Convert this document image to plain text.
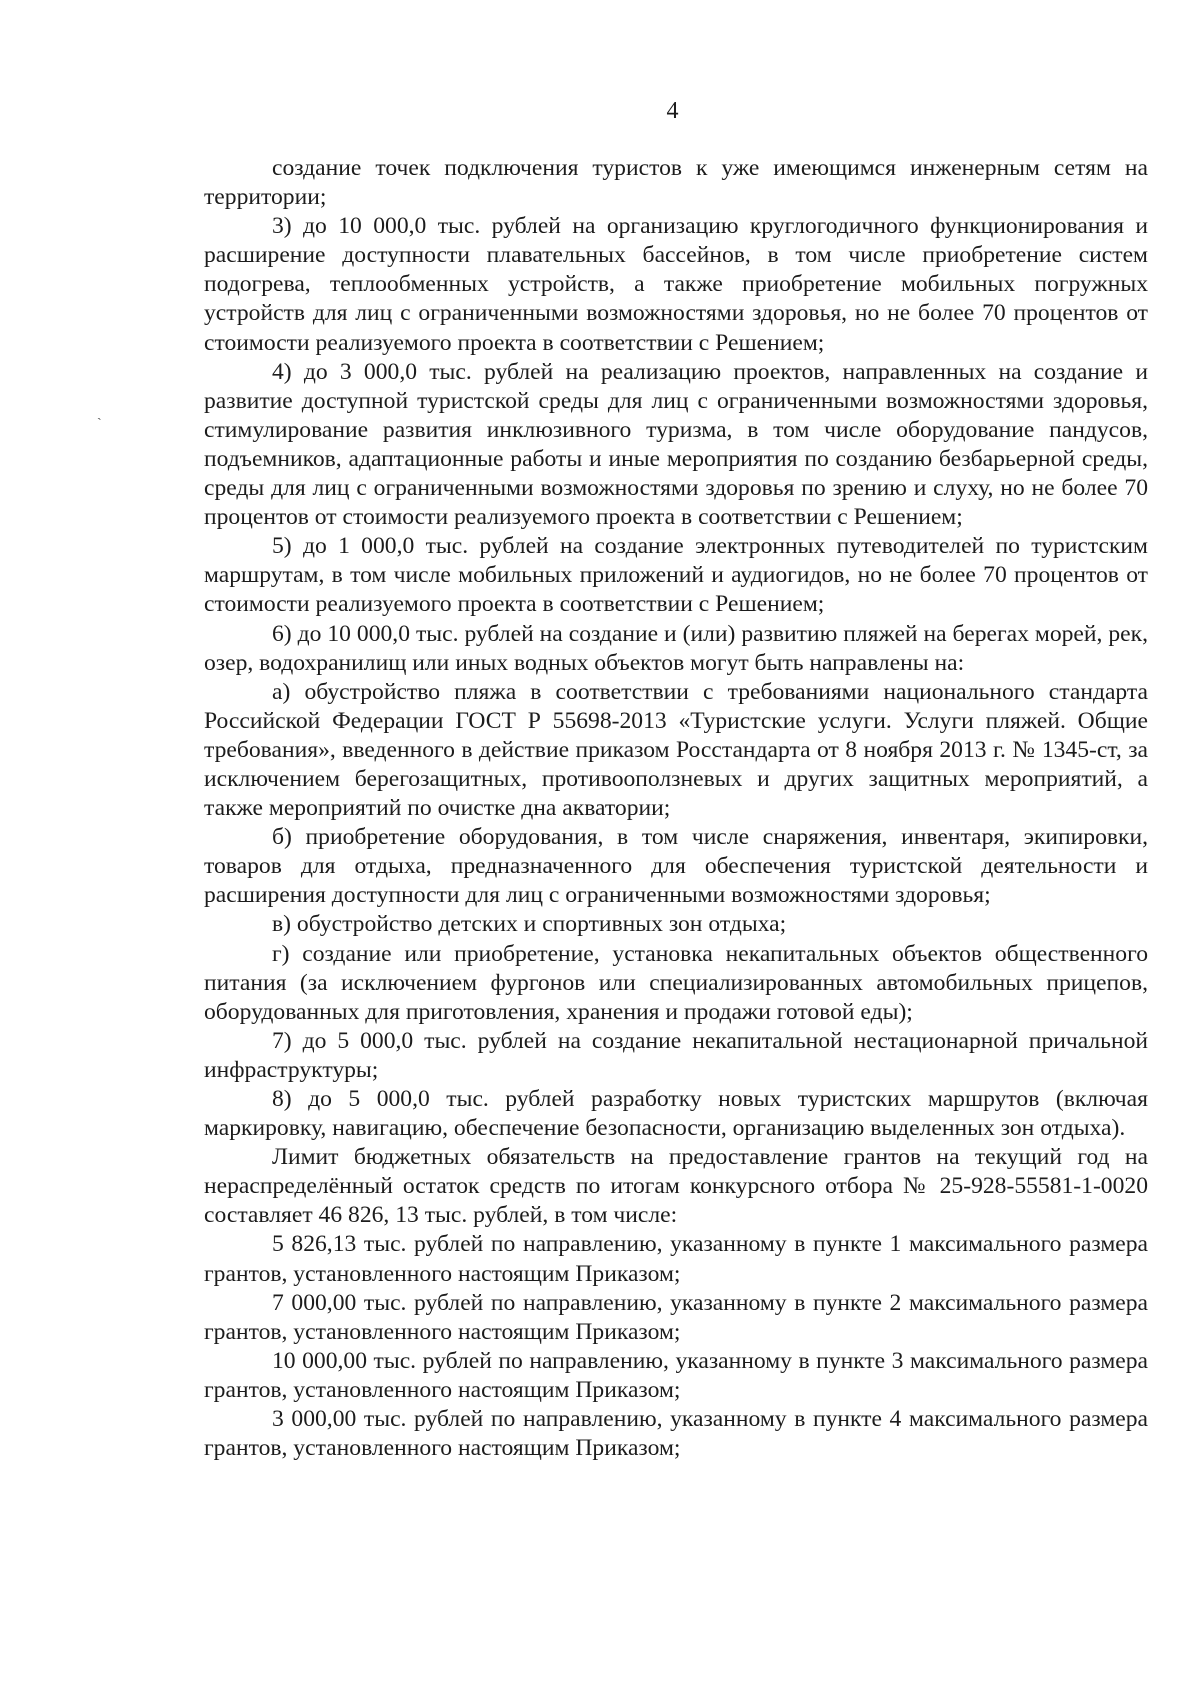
4
ˎ

создание точек подключения туристов к уже имеющимся инженерным сетям на территории;

3) до 10 000,0 тыс. рублей на организацию круглогодичного функционирования и расширение доступности плавательных бассейнов, в том числе приобретение систем подогрева, теплообменных устройств, а также приобретение мобильных погружных устройств для лиц с ограниченными возможностями здоровья, но не более 70 процентов от стоимости реализуемого проекта в соответствии с Решением;

4) до 3 000,0 тыс. рублей на реализацию проектов, направленных на создание и развитие доступной туристской среды для лиц с ограниченными возможностями здоровья, стимулирование развития инклюзивного туризма, в том числе оборудование пандусов, подъемников, адаптационные работы и иные мероприятия по созданию безбарьерной среды, среды для лиц с ограниченными возможностями здоровья по зрению и слуху, но не более 70 процентов от стоимости реализуемого проекта в соответствии с Решением;

5) до 1 000,0 тыс. рублей на создание электронных путеводителей по туристским маршрутам, в том числе мобильных приложений и аудиогидов, но не более 70 процентов от стоимости реализуемого проекта в соответствии с Решением;

6) до 10 000,0 тыс. рублей на создание и (или) развитию пляжей на берегах морей, рек, озер, водохранилищ или иных водных объектов могут быть направлены на:

а) обустройство пляжа в соответствии с требованиями национального стандарта Российской Федерации ГОСТ Р 55698-2013 «Туристские услуги. Услуги пляжей. Общие требования», введенного в действие приказом Росстандарта от 8 ноября 2013 г. № 1345-ст, за исключением берегозащитных, противооползневых и других защитных мероприятий, а также мероприятий по очистке дна акватории;

б) приобретение оборудования, в том числе снаряжения, инвентаря, экипировки, товаров для отдыха, предназначенного для обеспечения туристской деятельности и расширения доступности для лиц с ограниченными возможностями здоровья;

в) обустройство детских и спортивных зон отдыха;

г) создание или приобретение, установка некапитальных объектов общественного питания (за исключением фургонов или специализированных автомобильных прицепов, оборудованных для приготовления, хранения и продажи готовой еды);

7) до 5 000,0 тыс. рублей на создание некапитальной нестационарной причальной инфраструктуры;

8) до 5 000,0 тыс. рублей разработку новых туристских маршрутов (включая маркировку, навигацию, обеспечение безопасности, организацию выделенных зон отдыха).

Лимит бюджетных обязательств на предоставление грантов на текущий год на нераспределённый остаток средств по итогам конкурсного отбора № 25-928-55581-1-0020 составляет 46 826, 13 тыс. рублей, в том числе:

5 826,13 тыс. рублей по направлению, указанному в пункте 1 максимального размера грантов, установленного настоящим Приказом;

7 000,00 тыс. рублей по направлению, указанному в пункте 2 максимального размера грантов, установленного настоящим Приказом;

10 000,00 тыс. рублей по направлению, указанному в пункте 3 максимального размера грантов, установленного настоящим Приказом;

3 000,00 тыс. рублей по направлению, указанному в пункте 4 максимального размера грантов, установленного настоящим Приказом;
